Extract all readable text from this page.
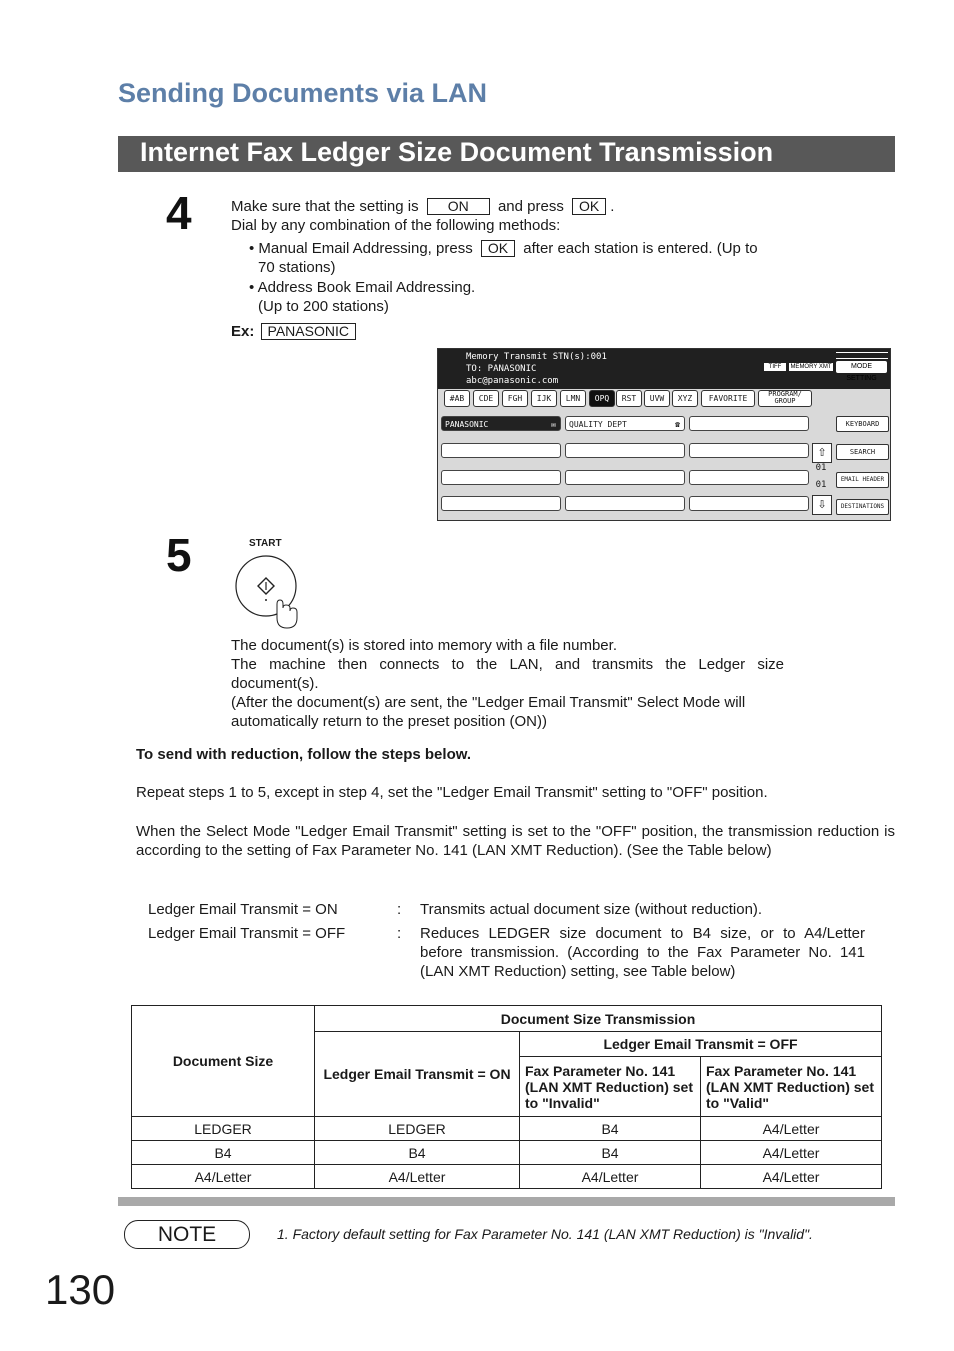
Sending Documents via LAN
Internet Fax Ledger Size Document Transmission
4	Make sure that the setting is ON and press OK .
Dial by any combination of the following methods:
• Manual Email Addressing, press OK after each station is entered. (Up to
70 stations)
• Address Book Email Addressing.
(Up to 200 stations)
Ex: PANASONIC
Memory Transmit STN(s):001
TO: PANASONIC
abc@panasonic.com
TIFF	MEMORY XMT	MODE SETTING
#AB	CDE	FGH	IJK	LMN	OPQ	RST	UVW	XYZ	FAVORITE	PROGRAM/ GROUP
PANASONIC	✉	QUALITY DEPT	☎
⇧
01
01
⇩
KEYBOARD
SEARCH
EMAIL HEADER
DESTINATIONS
5	START
The document(s) is stored into memory with a file number.
The machine then connects to the LAN, and transmits the Ledger size document(s).
(After the document(s) are sent, the "Ledger Email Transmit" Select Mode will automatically return to the preset position (ON))
To send with reduction, follow the steps below.
Repeat steps 1 to 5, except in step 4, set the "Ledger Email Transmit" setting to "OFF" position.
When the Select Mode "Ledger Email Transmit" setting is set to the "OFF" position, the transmission reduction is according to the setting of Fax Parameter No. 141 (LAN XMT Reduction). (See the Table below)
Ledger Email Transmit = ON	: Transmits actual document size (without reduction).
Ledger Email Transmit = OFF	: Reduces LEDGER size document to B4 size, or to A4/Letter before transmission. (According to the Fax Parameter No. 141 (LAN XMT Reduction) setting, see Table below)
Document Size	Document Size Transmission		
	Ledger Email Transmit = ON	Ledger Email Transmit = OFF	
		Fax Parameter No. 141 (LAN XMT Reduction) set to "Invalid"	Fax Parameter No. 141 (LAN XMT Reduction) set to "Valid"
LEDGER	LEDGER	B4	A4/Letter
B4	B4	B4	A4/Letter
A4/Letter	A4/Letter	A4/Letter	A4/Letter
NOTE	1. Factory default setting for Fax Parameter No. 141 (LAN XMT Reduction) is "Invalid".
130
